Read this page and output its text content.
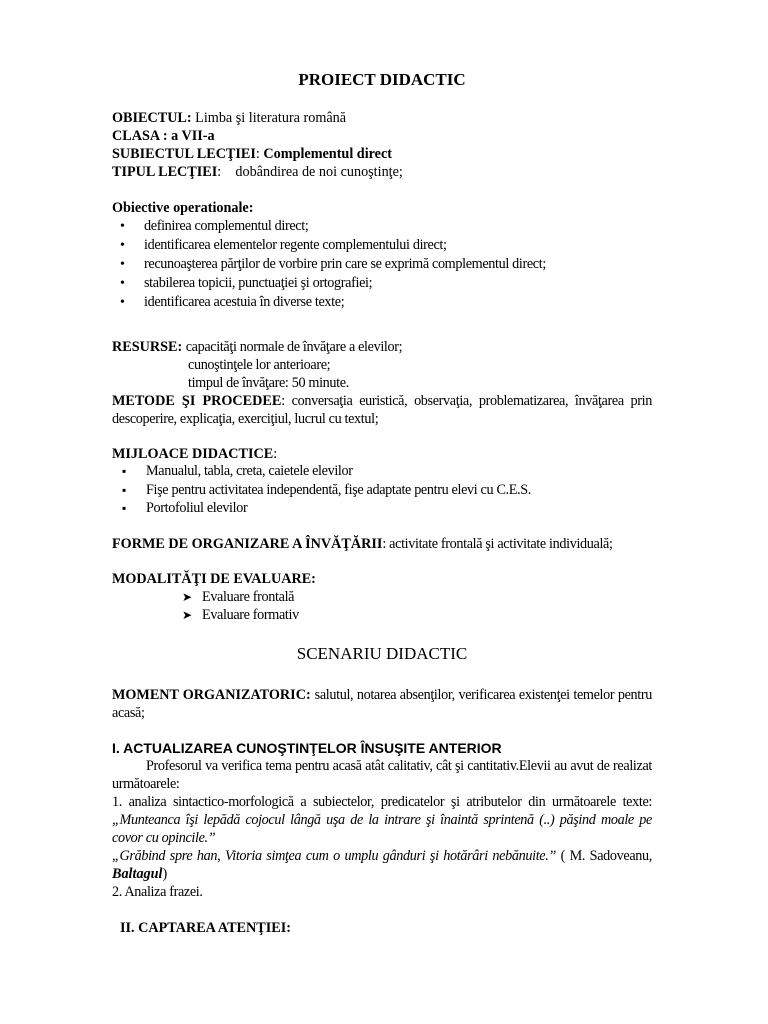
PROIECT DIDACTIC
OBIECTUL: Limba şi literatura română
CLASA : a VII-a
SUBIECTUL LECŢIEI: Complementul direct
TIPUL LECŢIEI:    dobândirea de noi cunoştinţe;
Obiective operationale:
•definirea complementul direct;
•identificarea elementelor regente complementului direct;
•recunoaşterea părţilor de vorbire prin care se exprimă complementul direct;
•stabilerea topicii, punctuaţiei şi ortografiei;
•identificarea acestuia în diverse texte;
RESURSE: capacităţi normale de învăţare a elevilor;
cunoştinţele lor anterioare;
timpul de învăţare: 50 minute.
METODE ŞI PROCEDEE: conversaţia euristică, observaţia, problematizarea, învăţarea prin
descoperire, explicaţia, exerciţiul, lucrul cu textul;
MIJLOACE DIDACTICE:
▪Manualul, tabla, creta, caietele elevilor
▪Fişe pentru activitatea independentă, fişe adaptate pentru elevi cu C.E.S.
▪Portofoliul elevilor
FORME DE ORGANIZARE A ÎNVĂŢĂRII: activitate frontală şi activitate individuală;
MODALITĂŢI DE EVALUARE:
➤Evaluare frontală
➤Evaluare formativ
SCENARIU DIDACTIC
MOMENT ORGANIZATORIC: salutul, notarea absenţilor, verificarea existenţei temelor pentru
acasă;
I. ACTUALIZAREA CUNOŞTINŢELOR ÎNSUŞITE ANTERIOR
Profesorul va verifica tema pentru acasă atât calitativ, cât şi cantitativ.Elevii au avut de realizat
următoarele:
1. analiza sintactico-morfologică a subiectelor, predicatelor şi atributelor din următoarele texte:
„Munteanca îşi lepădă cojocul lângă uşa de la intrare şi înaintă sprintenă (..) păşind moale pe
covor cu opincile.”
„Grăbind spre han, Vitoria simţea cum o umplu gânduri şi hotărâri nebănuite.” ( M. Sadoveanu,
Baltagul)
2. Analiza frazei.
II. CAPTAREA ATENŢIEI:
